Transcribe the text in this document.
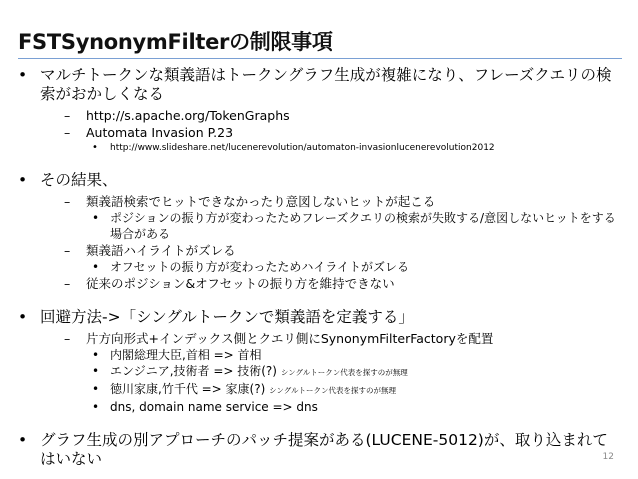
FSTSynonymFilterの制限事項
• マルチトークンな類義語はトークングラフ生成が複雑になり、フレーズクエリの検索がおかしくなる
– http://s.apache.org/TokenGraphs
– Automata Invasion P.23
• http://www.slideshare.net/lucenerevolution/automaton-invasionlucenerevolution2012
• その結果、
– 類義語検索でヒットできなかったり意図しないヒットが起こる
• ポジションの振り方が変わったためフレーズクエリの検索が失敗する/意図しないヒットをする場合がある
– 類義語ハイライトがズレる
• オフセットの振り方が変わったためハイライトがズレる
– 従来のポジション&オフセットの振り方を維持できない
• 回避方法->「シングルトークンで類義語を定義する」
– 片方向形式+インデックス側とクエリ側にSynonymFilterFactoryを配置
• 内閣総理大臣,首相 => 首相
• エンジニア,技術者 => 技術(?) シングルトークン代表を探すのが無理
• 徳川家康,竹千代 => 家康(?) シングルトークン代表を探すのが無理
• dns, domain name service => dns
• グラフ生成の別アプローチのパッチ提案がある(LUCENE-5012)が、取り込まれてはいない	12
